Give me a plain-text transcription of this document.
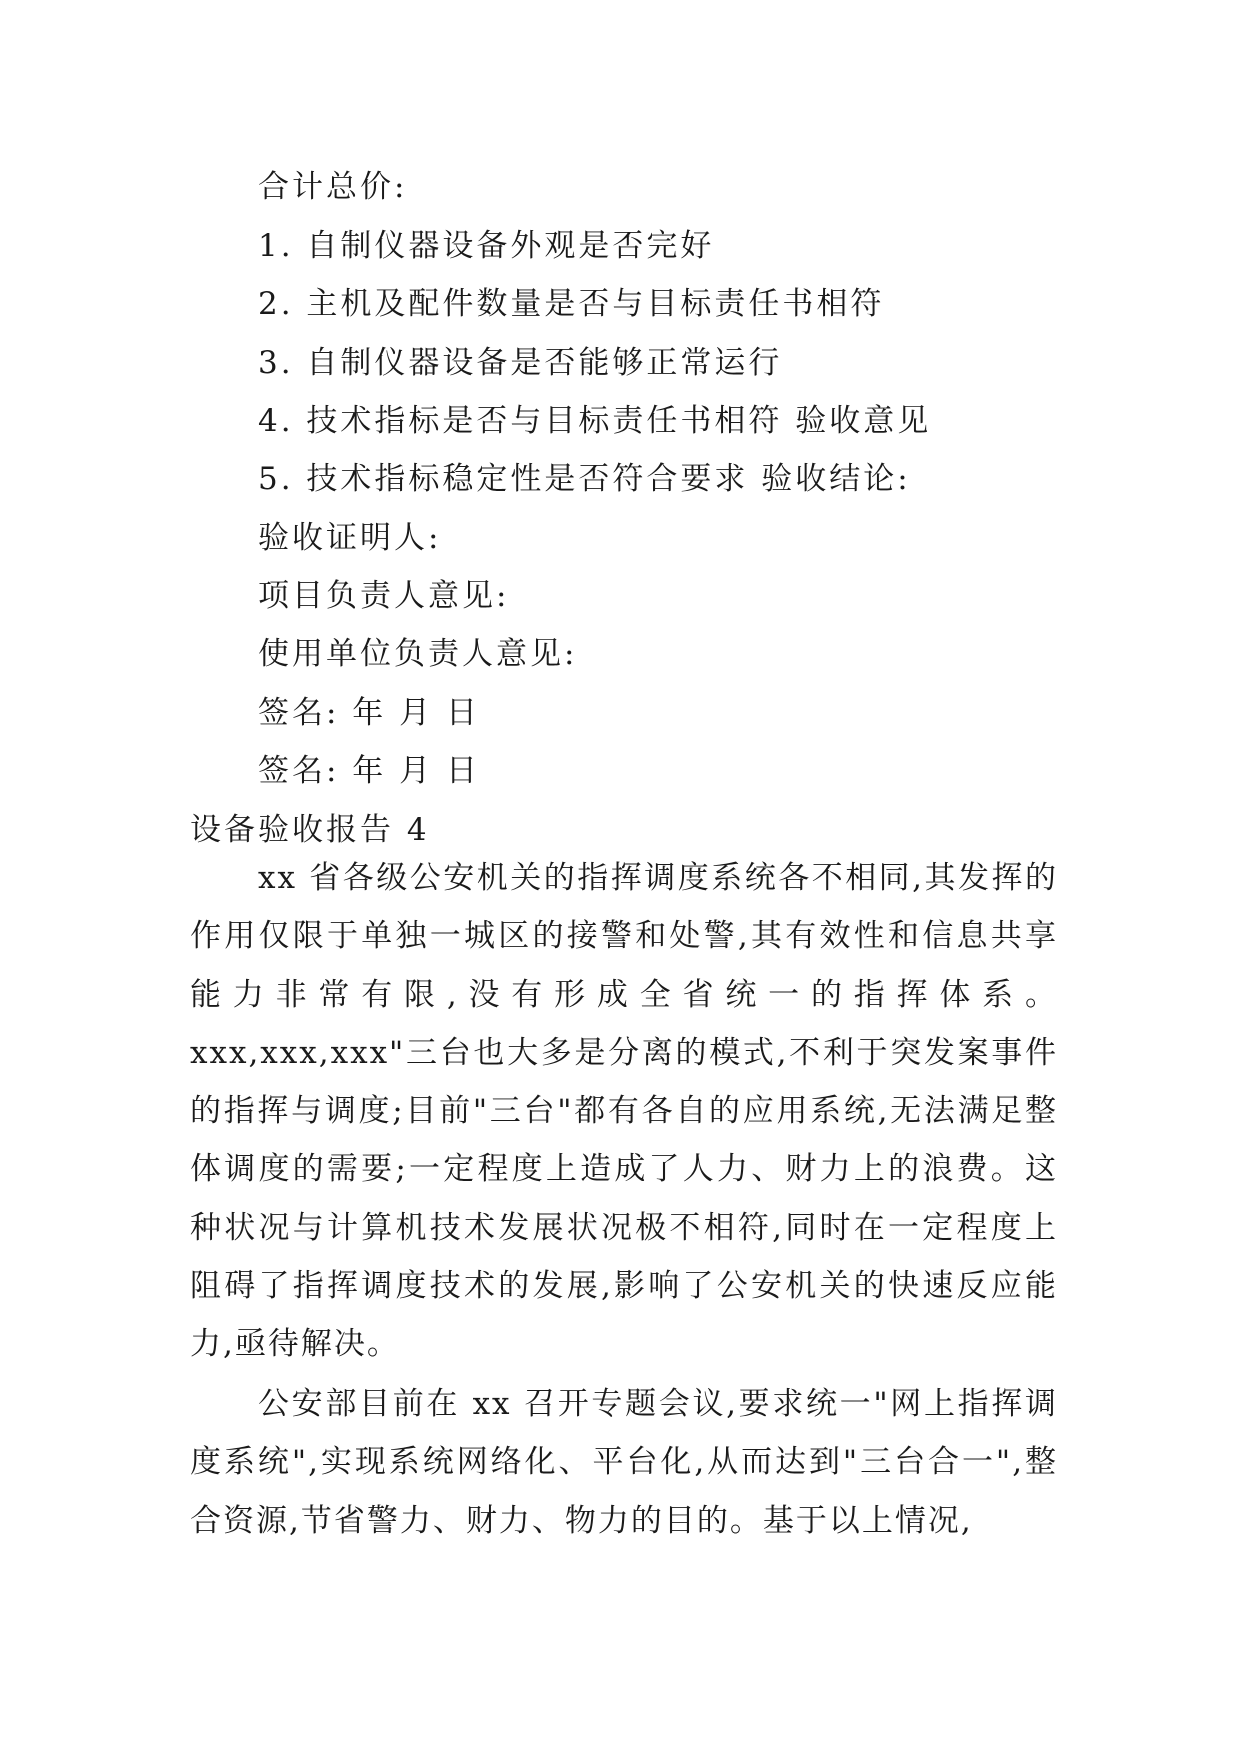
合计总价:
1. 自制仪器设备外观是否完好
2. 主机及配件数量是否与目标责任书相符
3. 自制仪器设备是否能够正常运行
4. 技术指标是否与目标责任书相符 验收意见
5. 技术指标稳定性是否符合要求 验收结论:
验收证明人:
项目负责人意见:
使用单位负责人意见:
签名: 年 月 日
签名: 年 月 日
设备验收报告 4

xx 省各级公安机关的指挥调度系统各不相同,其发挥的作用仅限于单独一城区的接警和处警,其有效性和信息共享能力非常有限,没有形成全省统一的指挥体系。xxx,xxx,xxx"三台也大多是分离的模式,不利于突发案事件的指挥与调度;目前"三台"都有各自的应用系统,无法满足整体调度的需要;一定程度上造成了人力、财力上的浪费。这种状况与计算机技术发展状况极不相符,同时在一定程度上阻碍了指挥调度技术的发展,影响了公安机关的快速反应能力,亟待解决。

公安部目前在 xx 召开专题会议,要求统一"网上指挥调度系统",实现系统网络化、平台化,从而达到"三台合一",整合资源,节省警力、财力、物力的目的。基于以上情况,
